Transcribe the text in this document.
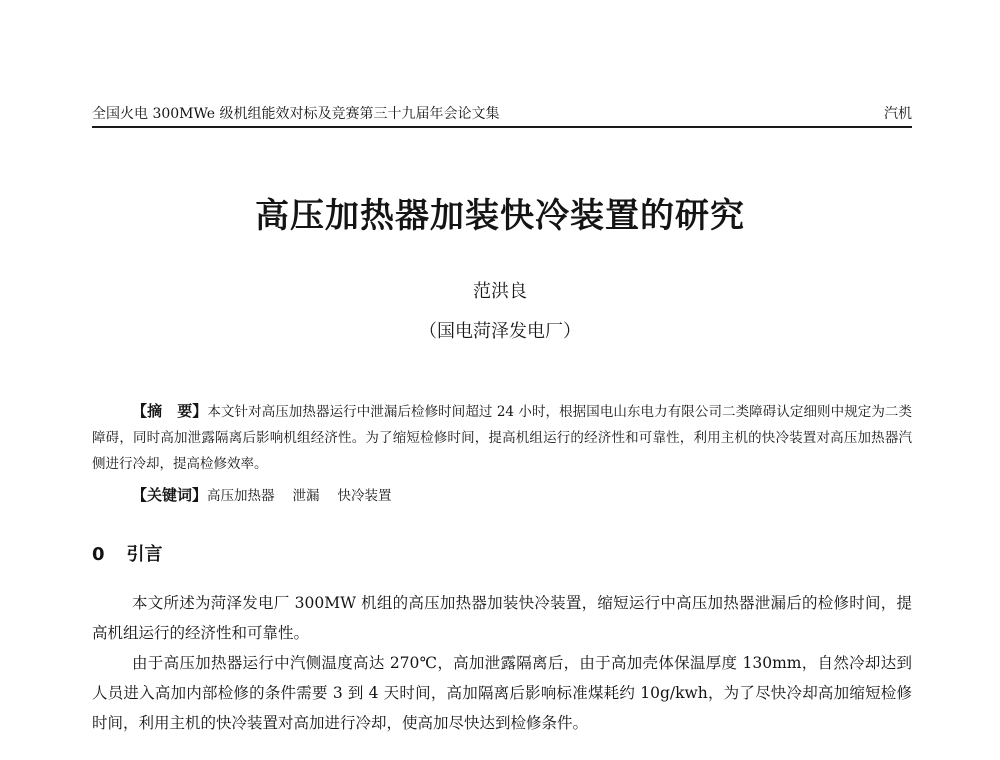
全国火电 300MWe 级机组能效对标及竞赛第三十九届年会论文集	汽机
高压加热器加装快冷装置的研究
范洪良
（国电菏泽发电厂）
【摘　要】本文针对高压加热器运行中泄漏后检修时间超过 24 小时，根据国电山东电力有限公司二类障碍认定细则中规定为二类障碍，同时高加泄露隔离后影响机组经济性。为了缩短检修时间，提高机组运行的经济性和可靠性，利用主机的快冷装置对高压加热器汽侧进行冷却，提高检修效率。
【关键词】高压加热器 泄漏 快冷装置
0 引言

本文所述为菏泽发电厂 300MW 机组的高压加热器加装快冷装置，缩短运行中高压加热器泄漏后的检修时间，提高机组运行的经济性和可靠性。

由于高压加热器运行中汽侧温度高达 270℃，高加泄露隔离后，由于高加壳体保温厚度 130mm，自然冷却达到人员进入高加内部检修的条件需要 3 到 4 天时间，高加隔离后影响标准煤耗约 10g/kwh，为了尽快冷却高加缩短检修时间，利用主机的快冷装置对高加进行冷却，使高加尽快达到检修条件。
